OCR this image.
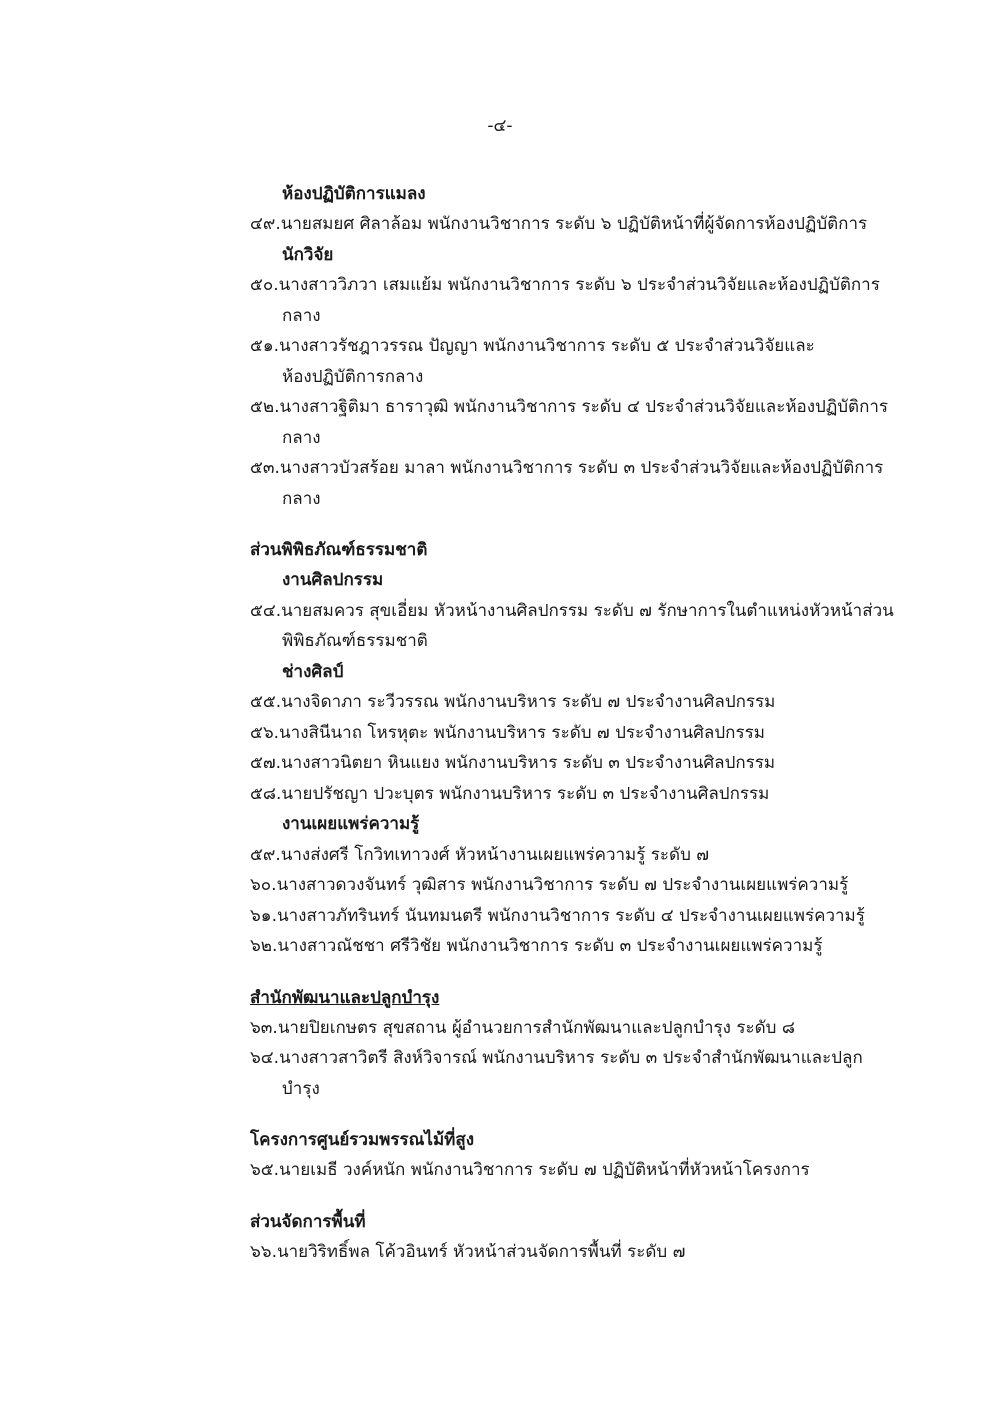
-๔-
ห้องปฏิบัติการแมลง
๔๙.นายสมยศ ศิลาล้อม พนักงานวิชาการ ระดับ ๖ ปฏิบัติหน้าที่ผู้จัดการห้องปฏิบัติการ
นักวิจัย
๕๐.นางสาววิภวา เสมแย้ม พนักงานวิชาการ ระดับ ๖ ประจำส่วนวิจัยและห้องปฏิบัติการ
กลาง
๕๑.นางสาวรัชฎาวรรณ ปัญญา พนักงานวิชาการ ระดับ ๕ ประจำส่วนวิจัยและ
ห้องปฏิบัติการกลาง
๕๒.นางสาวฐิติมา ธาราวุฒิ พนักงานวิชาการ ระดับ ๔ ประจำส่วนวิจัยและห้องปฏิบัติการ
กลาง
๕๓.นางสาวบัวสร้อย มาลา พนักงานวิชาการ ระดับ ๓ ประจำส่วนวิจัยและห้องปฏิบัติการ
กลาง
ส่วนพิพิธภัณฑ์ธรรมชาติ
งานศิลปกรรม
๕๔.นายสมควร สุขเอี่ยม หัวหน้างานศิลปกรรม ระดับ ๗ รักษาการในตำแหน่งหัวหน้าส่วน
พิพิธภัณฑ์ธรรมชาติ
ช่างศิลป์
๕๕.นางจิดาภา ระวีวรรณ พนักงานบริหาร ระดับ ๗ ประจำงานศิลปกรรม
๕๖.นางสินีนาถ โหรหุตะ พนักงานบริหาร ระดับ ๗ ประจำงานศิลปกรรม
๕๗.นางสาวนิตยา หินแยง พนักงานบริหาร ระดับ ๓ ประจำงานศิลปกรรม
๕๘.นายปรัชญา ปวะบุตร พนักงานบริหาร ระดับ ๓ ประจำงานศิลปกรรม
งานเผยแพร่ความรู้
๕๙.นางส่งศรี โกวิทเทาวงศ์ หัวหน้างานเผยแพร่ความรู้ ระดับ ๗
๖๐.นางสาวดวงจันทร์ วุฒิสาร พนักงานวิชาการ ระดับ ๗ ประจำงานเผยแพร่ความรู้
๖๑.นางสาวภัทรินทร์ นันทมนตรี พนักงานวิชาการ ระดับ ๔ ประจำงานเผยแพร่ความรู้
๖๒.นางสาวณัชชา ศรีวิชัย พนักงานวิชาการ ระดับ ๓ ประจำงานเผยแพร่ความรู้
สำนักพัฒนาและปลูกบำรุง
๖๓.นายปิยเกษตร สุขสถาน ผู้อำนวยการสำนักพัฒนาและปลูกบำรุง ระดับ ๘
๖๔.นางสาวสาวิตรี สิงห์วิจารณ์ พนักงานบริหาร ระดับ ๓ ประจำสำนักพัฒนาและปลูก
บำรุง
โครงการศูนย์รวมพรรณไม้ที่สูง
๖๕.นายเมธี วงค์หนัก พนักงานวิชาการ ระดับ ๗ ปฏิบัติหน้าที่หัวหน้าโครงการ
ส่วนจัดการพื้นที่
๖๖.นายวิริทธิ์พล โค้วอินทร์ หัวหน้าส่วนจัดการพื้นที่ ระดับ ๗
